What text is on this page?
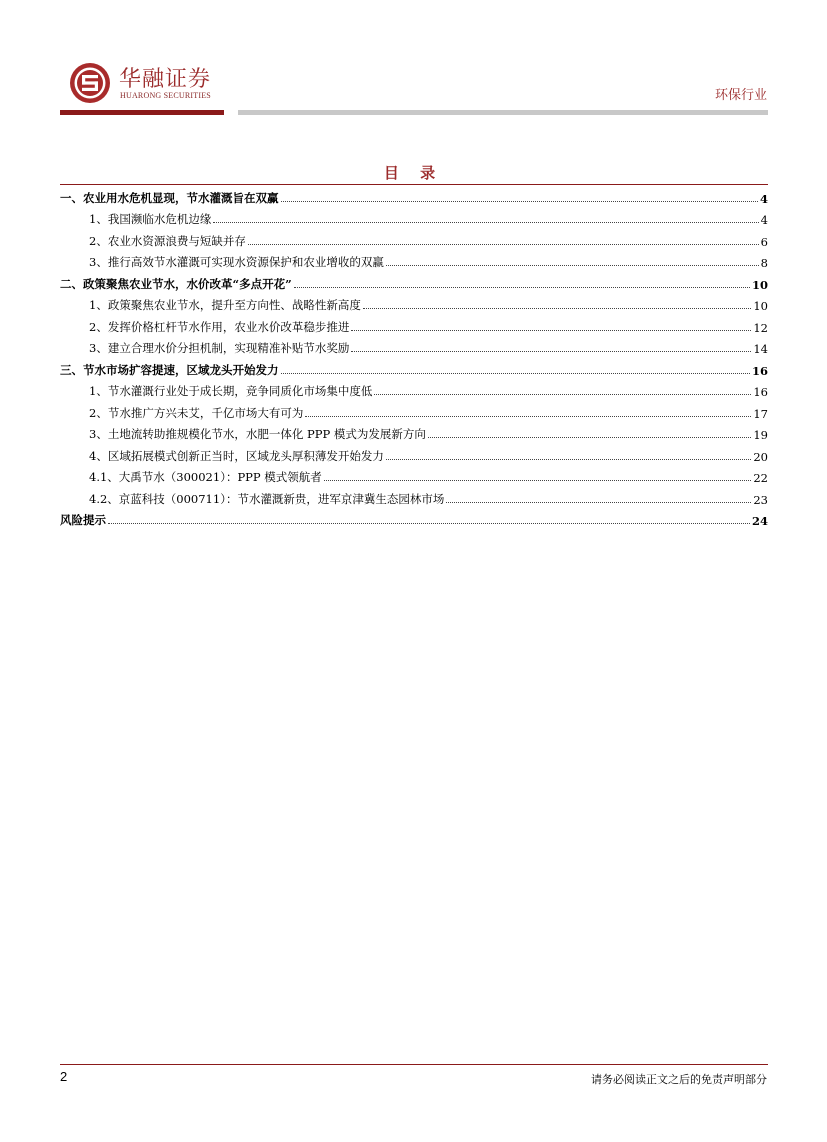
华融证券
HUARONG SECURITIES	环保行业
目 录
一、农业用水危机显现，节水灌溉旨在双赢	4
1、我国濒临水危机边缘	4
2、农业水资源浪费与短缺并存	6
3、推行高效节水灌溉可实现水资源保护和农业增收的双赢	8
二、政策聚焦农业节水，水价改革“多点开花”	10
1、政策聚焦农业节水，提升至方向性、战略性新高度	10
2、发挥价格杠杆节水作用，农业水价改革稳步推进	12
3、建立合理水价分担机制，实现精准补贴节水奖励	14
三、节水市场扩容提速，区域龙头开始发力	16
1、节水灌溉行业处于成长期，竞争同质化市场集中度低	16
2、节水推广方兴未艾，千亿市场大有可为	17
3、土地流转助推规模化节水，水肥一体化 PPP 模式为发展新方向	19
4、区域拓展模式创新正当时，区域龙头厚积薄发开始发力	20
4.1、大禹节水（300021）：PPP 模式领航者	22
4.2、京蓝科技（000711）：节水灌溉新贵，进军京津冀生态园林市场	23
风险提示	24
2	请务必阅读正文之后的免责声明部分
